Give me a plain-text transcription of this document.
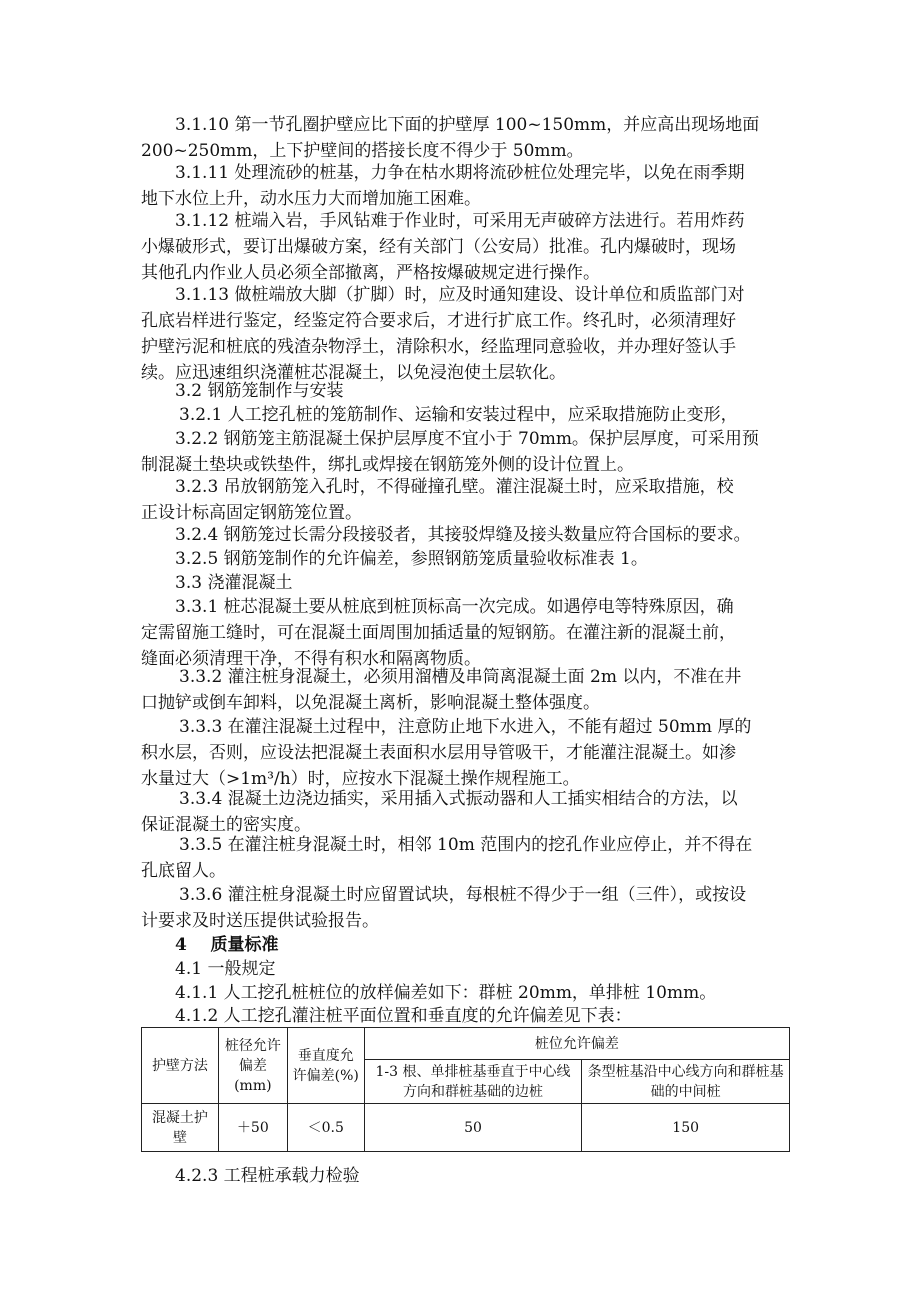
3.1.10 第一节孔圈护壁应比下面的护壁厚 100~150mm，并应高出现场地面
200~250mm，上下护壁间的搭接长度不得少于 50mm。

3.1.11 处理流砂的桩基，力争在枯水期将流砂桩位处理完毕，以免在雨季期
地下水位上升，动水压力大而增加施工困难。

3.1.12 桩端入岩，手风钻难于作业时，可采用无声破碎方法进行。若用炸药
小爆破形式，要订出爆破方案，经有关部门（公安局）批准。孔内爆破时，现场
其他孔内作业人员必须全部撤离，严格按爆破规定进行操作。

3.1.13 做桩端放大脚（扩脚）时，应及时通知建设、设计单位和质监部门对
孔底岩样进行鉴定，经鉴定符合要求后，才进行扩底工作。终孔时，必须清理好
护壁污泥和桩底的残渣杂物浮土，清除积水，经监理同意验收，并办理好签认手
续。应迅速组织浇灌桩芯混凝土，以免浸泡使土层软化。

3.2 钢筋笼制作与安装

3.2.1 人工挖孔桩的笼筋制作、运输和安装过程中，应采取措施防止变形，

3.2.2 钢筋笼主筋混凝土保护层厚度不宜小于 70mm。保护层厚度，可采用预
制混凝土垫块或铁垫件，绑扎或焊接在钢筋笼外侧的设计位置上。

3.2.3 吊放钢筋笼入孔时，不得碰撞孔壁。灌注混凝土时，应采取措施，校
正设计标高固定钢筋笼位置。

3.2.4 钢筋笼过长需分段接驳者，其接驳焊缝及接头数量应符合国标的要求。

3.2.5 钢筋笼制作的允许偏差，参照钢筋笼质量验收标准表 1。

3.3 浇灌混凝土

3.3.1 桩芯混凝土要从桩底到桩顶标高一次完成。如遇停电等特殊原因，确
定需留施工缝时，可在混凝土面周围加插适量的短钢筋。在灌注新的混凝土前，
缝面必须清理干净，不得有积水和隔离物质。

3.3.2 灌注桩身混凝土，必须用溜槽及串筒离混凝土面 2m 以内，不准在井
口抛铲或倒车卸料，以免混凝土离析，影响混凝土整体强度。

3.3.3 在灌注混凝土过程中，注意防止地下水进入，不能有超过 50mm 厚的
积水层，否则，应设法把混凝土表面积水层用导管吸干，才能灌注混凝土。如渗
水量过大（>1m³/h）时，应按水下混凝土操作规程施工。

3.3.4 混凝土边浇边插实，采用插入式振动器和人工插实相结合的方法，以
保证混凝土的密实度。

3.3.5 在灌注桩身混凝土时，相邻 10m 范围内的挖孔作业应停止，并不得在
孔底留人。

3.3.6 灌注桩身混凝土时应留置试块，每根桩不得少于一组（三件），或按设
计要求及时送压提供试验报告。

4    质量标准

4.1 一般规定

4.1.1 人工挖孔桩桩位的放样偏差如下：群桩 20mm，单排桩 10mm。

4.1.2 人工挖孔灌注桩平面位置和垂直度的允许偏差见下表：

护壁方法	桩径允许偏差(mm)	垂直度允许偏差(%)	桩位允许偏差	
			1-3 根、单排桩基垂直于中心线方向和群桩基础的边桩	条型桩基沿中心线方向和群桩基础的中间桩
混凝土护壁	＋50	＜0.5	50	150

4.2.3 工程桩承载力检验
